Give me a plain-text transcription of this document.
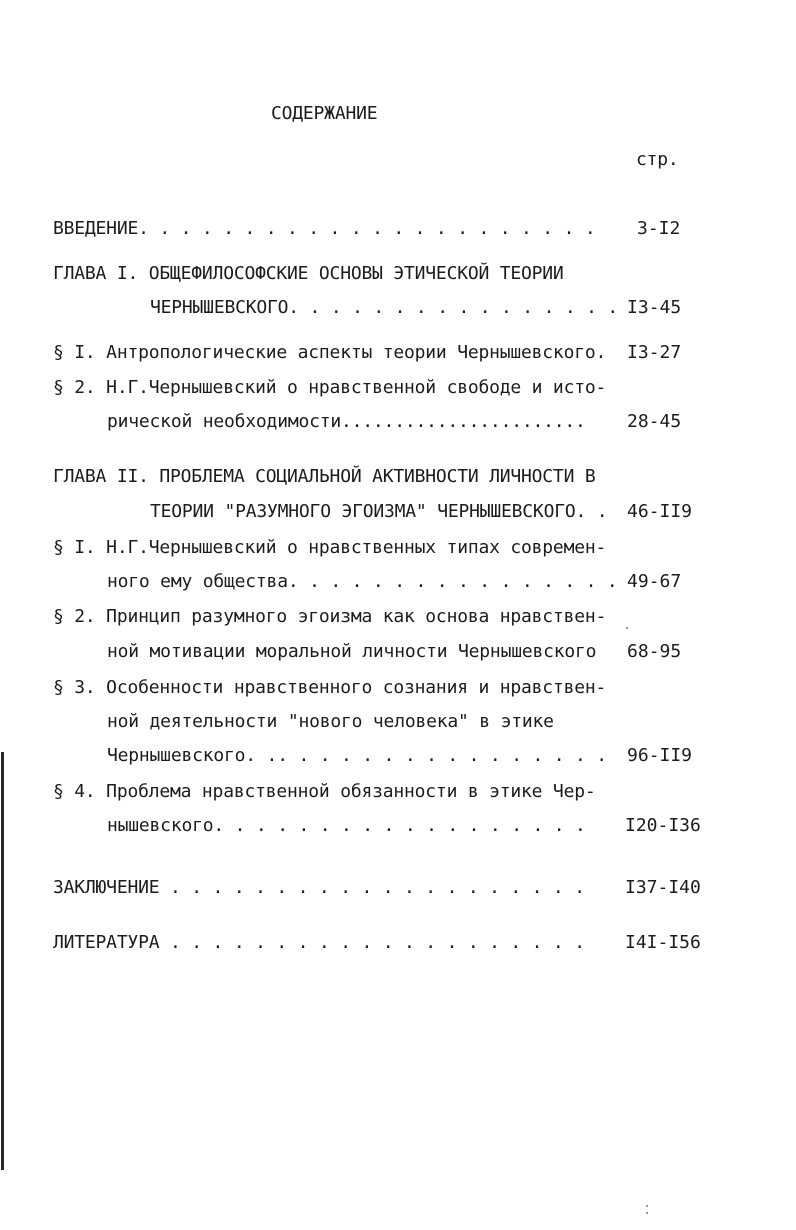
СОДЕРЖАНИЕ
стр.
ВВЕДЕНИЕ. . . . . . . . . . . . . . . . . . . . . . 3-I2
ГЛАВА I. ОБЩЕФИЛОСОФСКИЕ ОСНОВЫ ЭТИЧЕСКОЙ ТЕОРИИ
ЧЕРНЫШЕВСКОГО. . . . . . . . . . . . . . . . I3-45
§ I. Антропологические аспекты теории Чернышевского. I3-27
§ 2. Н.Г.Чернышевский о нравственной свободе и исто-
рической необходимости....................... 28-45
ГЛАВА II. ПРОБЛЕМА СОЦИАЛЬНОЙ АКТИВНОСТИ ЛИЧНОСТИ В
ТЕОРИИ "РАЗУМНОГО ЭГОИЗМА" ЧЕРНЫШЕВСКОГО. . 46-II9
§ I. Н.Г.Чернышевский о нравственных типах современ-
ного ему общества. . . . . . . . . . . . . . . . 49-67
§ 2. Принцип разумного эгоизма как основа нравствен-
ной мотивации моральной личности Чернышевского 68-95
§ 3. Особенности нравственного сознания и нравствен-
ной деятельности "нового человека" в этике
Чернышевского. .. . . . . . . . . . . . . . . . 96-II9
§ 4. Проблема нравственной обязанности в этике Чер-
нышевского. . . . . . . . . . . . . . . . . . I20-I36
ЗАКЛЮЧЕНИЕ . . . . . . . . . . . . . . . . . . . . I37-I40
ЛИТЕРАТУРА . . . . . . . . . . . . . . . . . . . . I4I-I56
